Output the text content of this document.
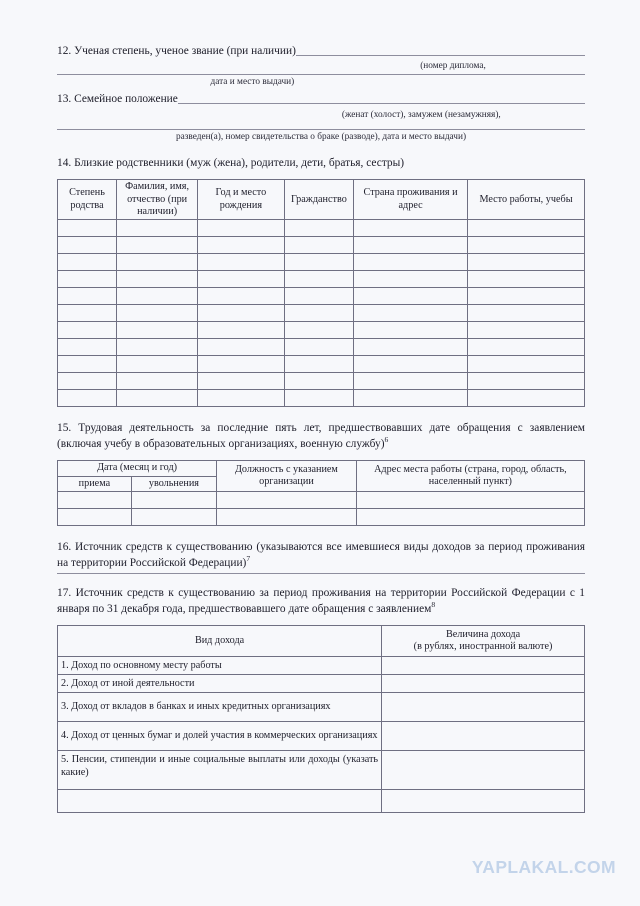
12. Ученая степень, ученое звание (при наличии)
(номер диплома,
дата и место выдачи)
13. Семейное положение
(женат (холост), замужем (незамужняя),
разведен(а), номер свидетельства о браке (разводе), дата и место выдачи)
14. Близкие родственники (муж (жена), родители, дети, братья, сестры)
Степень родства	Фамилия, имя, отчество (при наличии)	Год и место рождения	Гражданство	Страна проживания и адрес	Место работы, учебы

15. Трудовая деятельность за последние пять лет, предшествовавших дате обращения с заявлением (включая учебу в образовательных организациях, военную службу)$^6$

Дата (месяц и год)		Должность с указанием организации	Адрес места работы (страна, город, область, населенный пункт)
приема	увольнения		

16. Источник средств к существованию (указываются все имевшиеся виды доходов за период проживания на территории Российской Федерации)$^7$

17. Источник средств к существованию за период проживания на территории Российской Федерации с 1 января по 31 декабря года, предшествовавшего дате обращения с заявлением$^8$

Вид дохода	Величина дохода
(в рублях, иностранной валюте)
1. Доход по основному месту работы	
2. Доход от иной деятельности	
3. Доход от вкладов в банках и иных кредитных организациях	
4. Доход от ценных бумаг и долей участия в коммерческих организациях	
5. Пенсии, стипендии и иные социальные выплаты или доходы (указать какие)	

YAPLAKAL.COM
